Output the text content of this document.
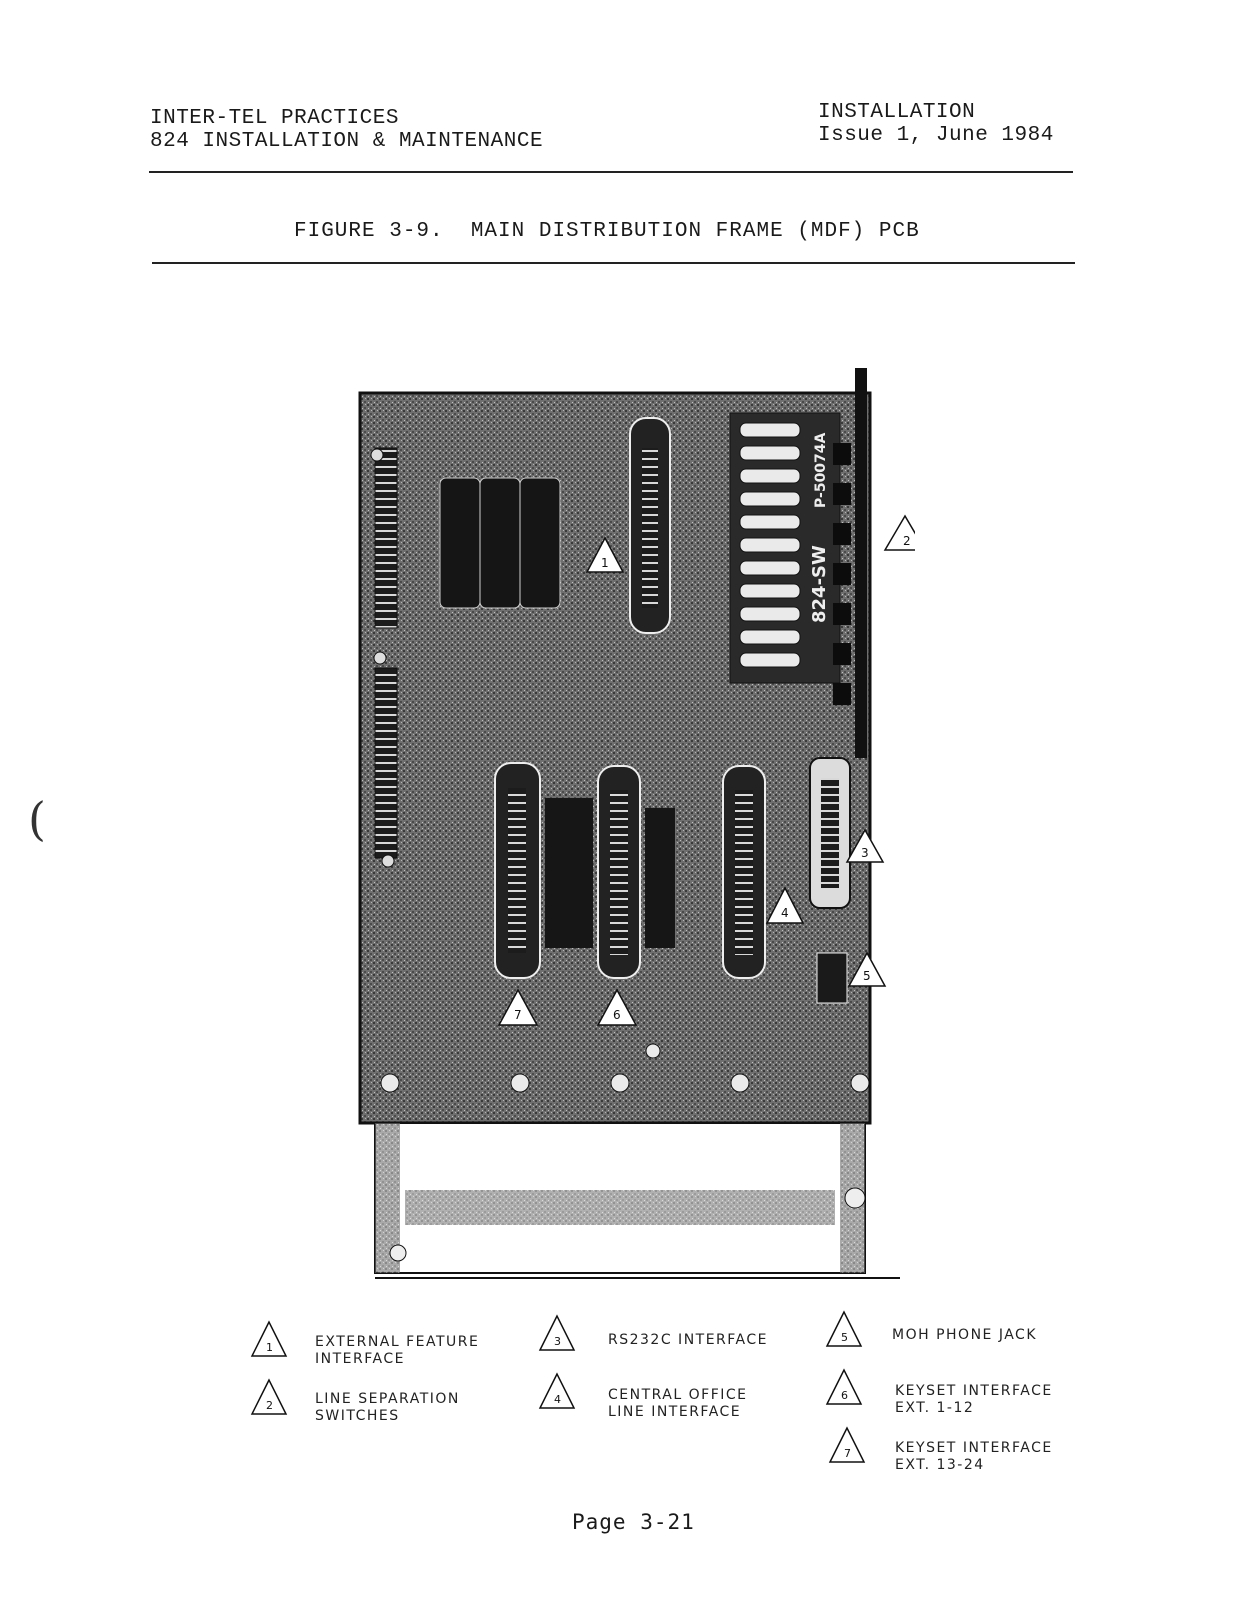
INTER-TEL PRACTICES
824 INSTALLATION & MAINTENANCE
INSTALLATION
Issue 1, June 1984
FIGURE 3-9.  MAIN DISTRIBUTION FRAME (MDF) PCB
(
824-SW
P-50074A
1
2
3
4
5
6
7
1	EXTERNAL FEATURE
INTERFACE
2	LINE SEPARATION
SWITCHES
3	RS232C INTERFACE
4	CENTRAL OFFICE
LINE INTERFACE
5	MOH PHONE JACK
6	KEYSET INTERFACE
EXT. 1-12
7	KEYSET INTERFACE
EXT. 13-24
Page 3-21
